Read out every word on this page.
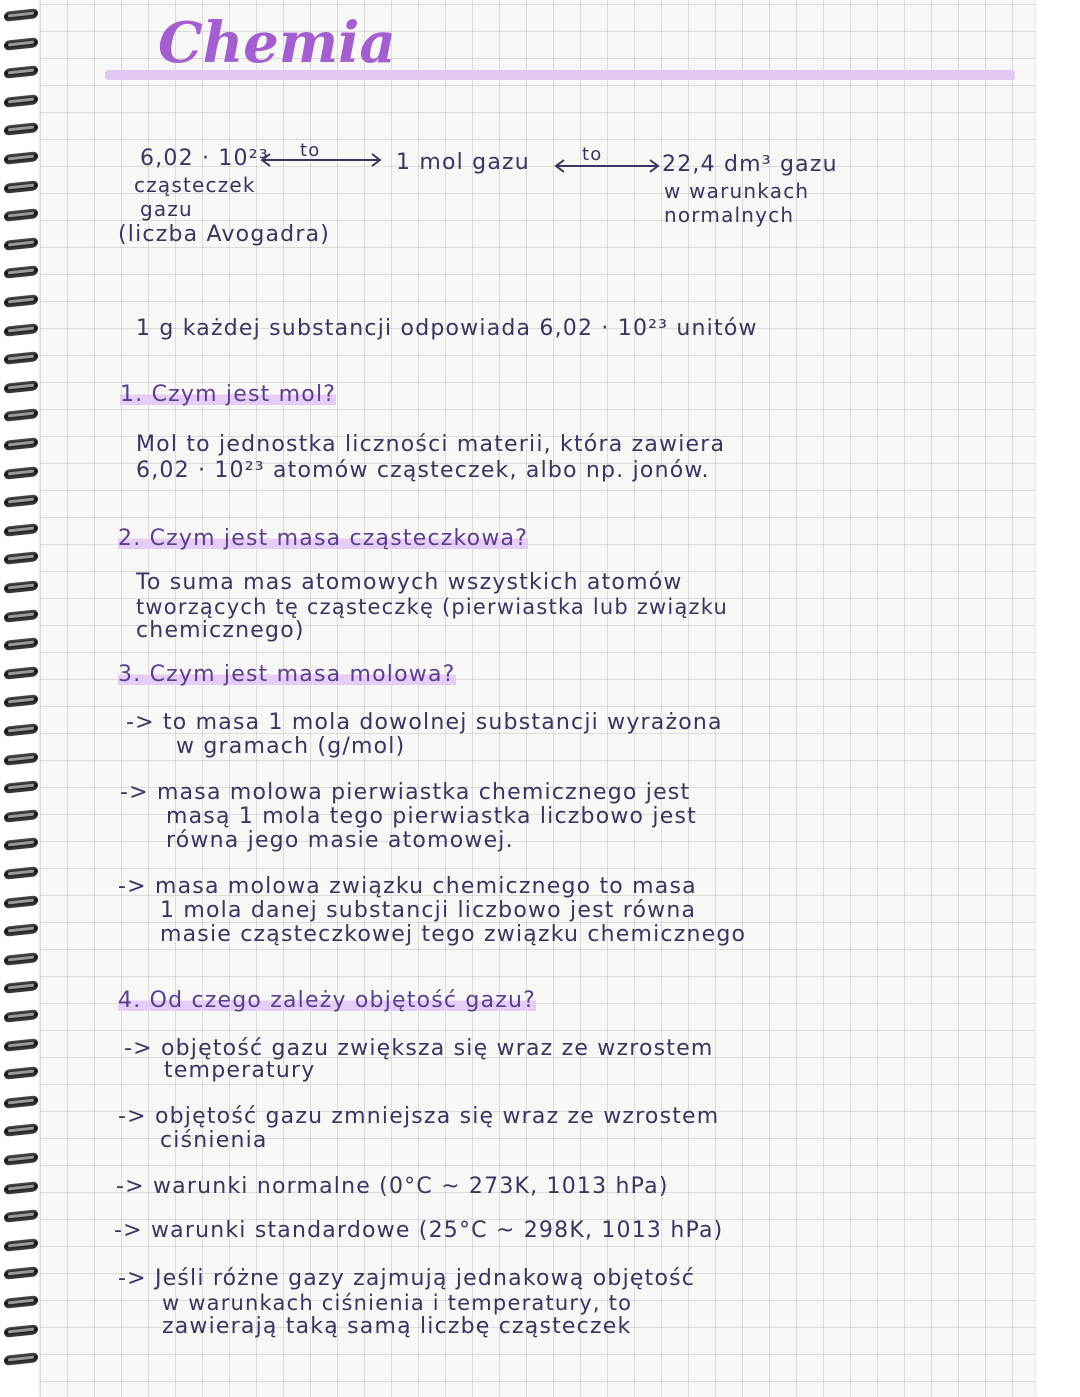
Chemia
6,02 · 10²³
cząsteczek
gazu
(liczba Avogadra)
to	1 mol gazu	to	22,4 dm³ gazu
w warunkach
normalnych
1 g każdej substancji odpowiada 6,02 · 10²³ unitów
1. Czym jest mol?
Mol to jednostka liczności materii, która zawiera
6,02 · 10²³ atomów cząsteczek, albo np. jonów.
2. Czym jest masa cząsteczkowa?
To suma mas atomowych wszystkich atomów
tworzących tę cząsteczkę (pierwiastka lub związku
chemicznego)
3. Czym jest masa molowa?
-> to masa 1 mola dowolnej substancji wyrażona
w gramach (g/mol)
-> masa molowa pierwiastka chemicznego jest
masą 1 mola tego pierwiastka liczbowo jest
równa jego masie atomowej.
-> masa molowa związku chemicznego to masa
1 mola danej substancji liczbowo jest równa
masie cząsteczkowej tego związku chemicznego
4. Od czego zależy objętość gazu?
-> objętość gazu zwiększa się wraz ze wzrostem
temperatury
-> objętość gazu zmniejsza się wraz ze wzrostem
ciśnienia
-> warunki normalne (0°C ~ 273K, 1013 hPa)
-> warunki standardowe (25°C ~ 298K, 1013 hPa)
-> Jeśli różne gazy zajmują jednakową objętość
w warunkach ciśnienia i temperatury, to
zawierają taką samą liczbę cząsteczek
